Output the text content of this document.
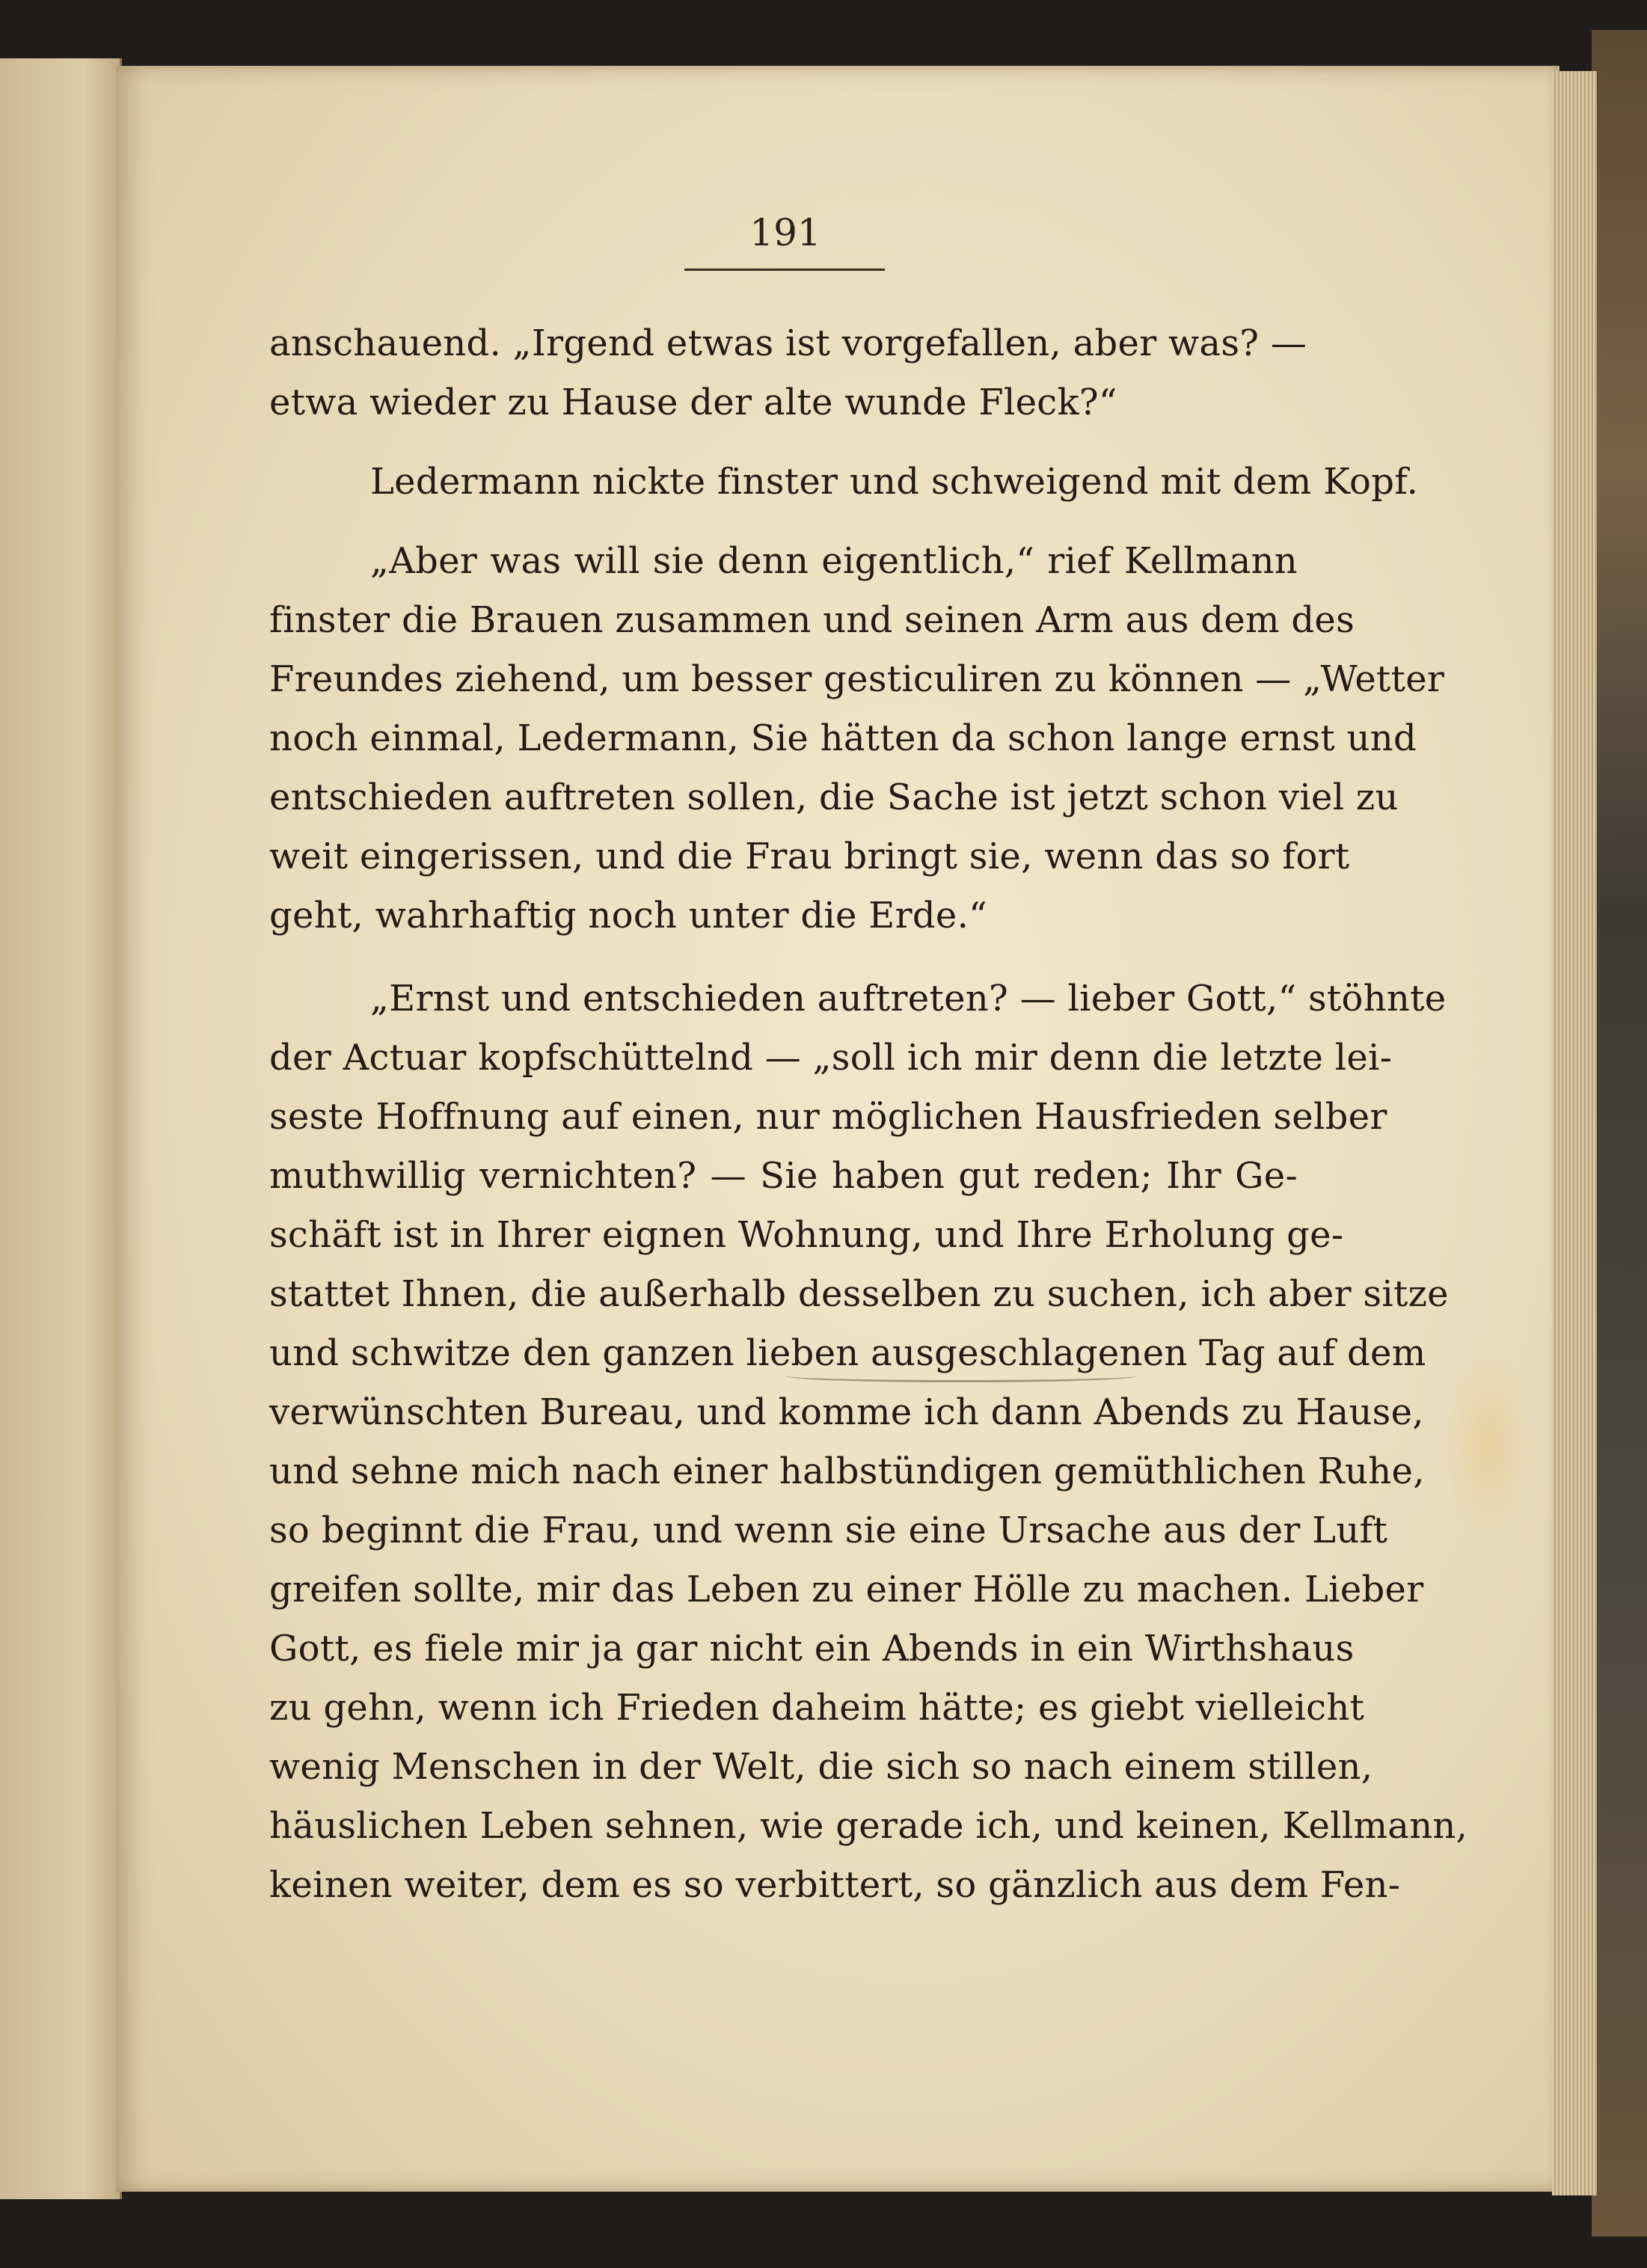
191
anschauend. „Irgend etwas ist vorgefallen, aber was? —
etwa wieder zu Hause der alte wunde Fleck?“
Ledermann nickte finster und schweigend mit dem Kopf.
„Aber was will sie denn eigentlich,“ rief Kellmann
finster die Brauen zusammen und seinen Arm aus dem des
Freundes ziehend, um besser gesticuliren zu können — „Wetter
noch einmal, Ledermann, Sie hätten da schon lange ernst und
entschieden auftreten sollen, die Sache ist jetzt schon viel zu
weit eingerissen, und die Frau bringt sie, wenn das so fort
geht, wahrhaftig noch unter die Erde.“
„Ernst und entschieden auftreten? — lieber Gott,“ stöhnte
der Actuar kopfschüttelnd — „soll ich mir denn die letzte lei-
seste Hoffnung auf einen, nur möglichen Hausfrieden selber
muthwillig vernichten? — Sie haben gut reden; Ihr Ge-
schäft ist in Ihrer eignen Wohnung, und Ihre Erholung ge-
stattet Ihnen, die außerhalb desselben zu suchen, ich aber sitze
und schwitze den ganzen lieben ausgeschlagenen Tag auf dem
verwünschten Bureau, und komme ich dann Abends zu Hause,
und sehne mich nach einer halbstündigen gemüthlichen Ruhe,
so beginnt die Frau, und wenn sie eine Ursache aus der Luft
greifen sollte, mir das Leben zu einer Hölle zu machen. Lieber
Gott, es fiele mir ja gar nicht ein Abends in ein Wirthshaus
zu gehn, wenn ich Frieden daheim hätte; es giebt vielleicht
wenig Menschen in der Welt, die sich so nach einem stillen,
häuslichen Leben sehnen, wie gerade ich, und keinen, Kellmann,
keinen weiter, dem es so verbittert, so gänzlich aus dem Fen-
